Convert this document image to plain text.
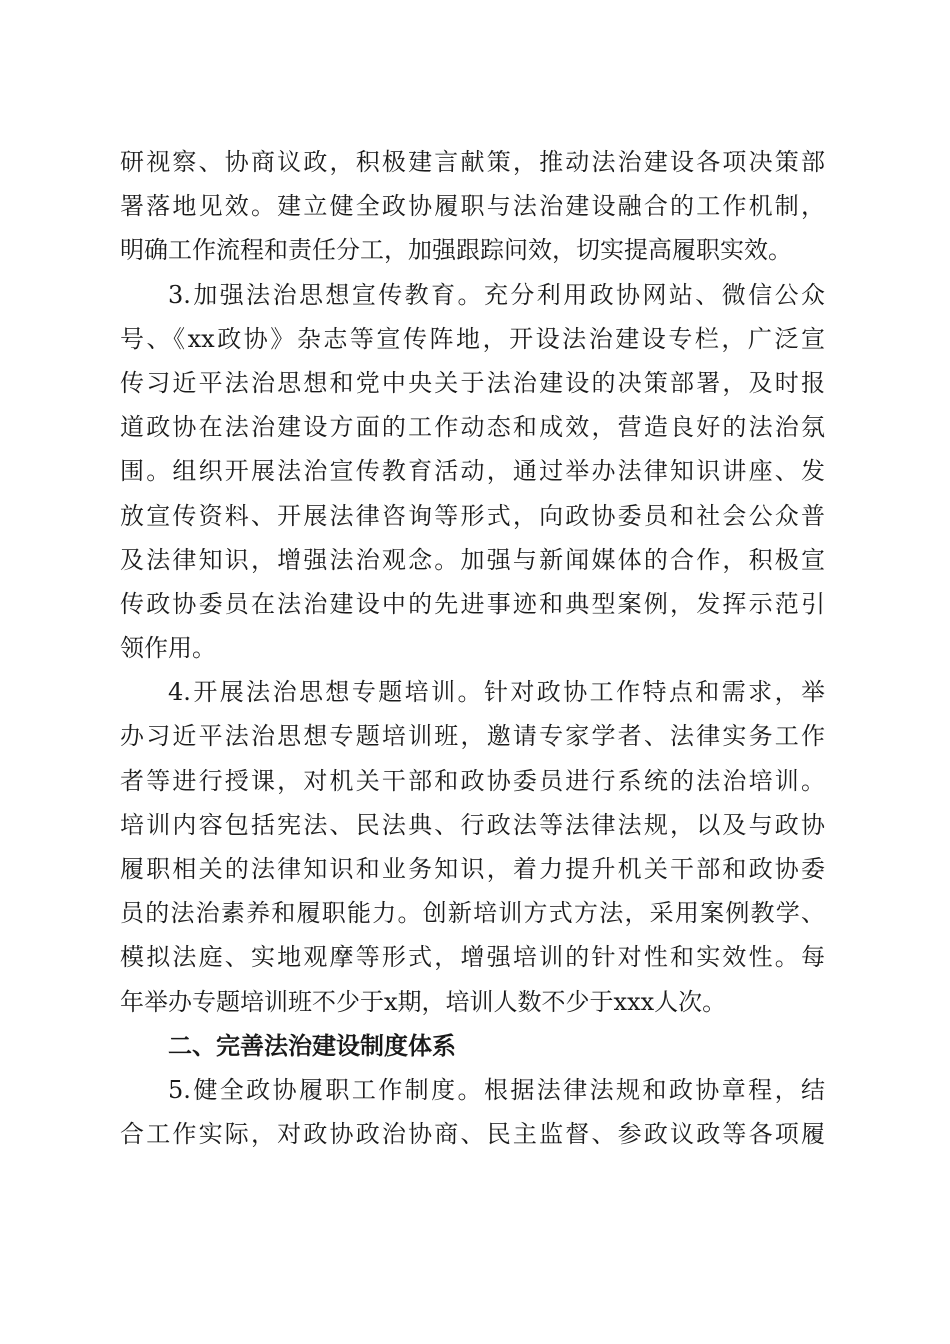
研视察、协商议政，积极建言献策，推动法治建设各项决策部
署落地见效。建立健全政协履职与法治建设融合的工作机制，
明确工作流程和责任分工，加强跟踪问效，切实提高履职实效。
3.加强法治思想宣传教育。充分利用政协网站、微信公众
号、《xx政协》杂志等宣传阵地，开设法治建设专栏，广泛宣
传习近平法治思想和党中央关于法治建设的决策部署，及时报
道政协在法治建设方面的工作动态和成效，营造良好的法治氛
围。组织开展法治宣传教育活动，通过举办法律知识讲座、发
放宣传资料、开展法律咨询等形式，向政协委员和社会公众普
及法律知识，增强法治观念。加强与新闻媒体的合作，积极宣
传政协委员在法治建设中的先进事迹和典型案例，发挥示范引
领作用。
4.开展法治思想专题培训。针对政协工作特点和需求，举
办习近平法治思想专题培训班，邀请专家学者、法律实务工作
者等进行授课，对机关干部和政协委员进行系统的法治培训。
培训内容包括宪法、民法典、行政法等法律法规，以及与政协
履职相关的法律知识和业务知识，着力提升机关干部和政协委
员的法治素养和履职能力。创新培训方式方法，采用案例教学、
模拟法庭、实地观摩等形式，增强培训的针对性和实效性。每
年举办专题培训班不少于x期，培训人数不少于xxx人次。
二、完善法治建设制度体系
5.健全政协履职工作制度。根据法律法规和政协章程，结
合工作实际，对政协政治协商、民主监督、参政议政等各项履
